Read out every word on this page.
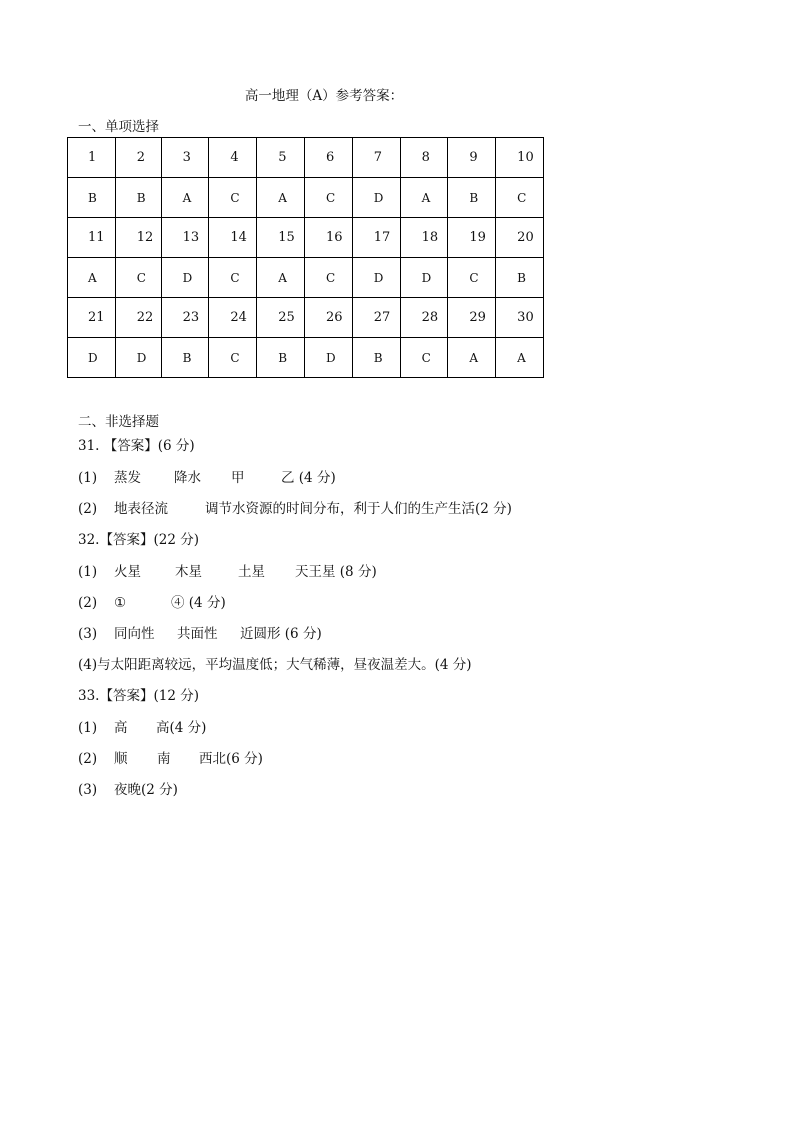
高一地理（A）参考答案：
一、单项选择
1	2	3	4	5	6	7	8	9	10
B	B	A	C	A	C	D	A	B	C
11	12	13	14	15	16	17	18	19	20
A	C	D	C	A	C	D	D	C	B
21	22	23	24	25	26	27	28	29	30
D	D	B	C	B	D	B	C	A	A
二、非选择题
31. 【答案】(6 分)
(1) 蒸发 降水 甲	乙 (4 分)
(2) 地表径流	调节水资源的时间分布，利于人们的生产生活(2 分)
32.【答案】(22 分)
(1) 火星	木星	土星 天王星 (8 分)
(2) ①	④ (4 分)
(3) 同向性 共面性 近圆形 (6 分)
(4)与太阳距离较远，平均温度低；大气稀薄，昼夜温差大。(4 分)
33.【答案】(12 分)
(1) 高 高(4 分)
(2) 顺 南 西北(6 分)
(3) 夜晚(2 分)
